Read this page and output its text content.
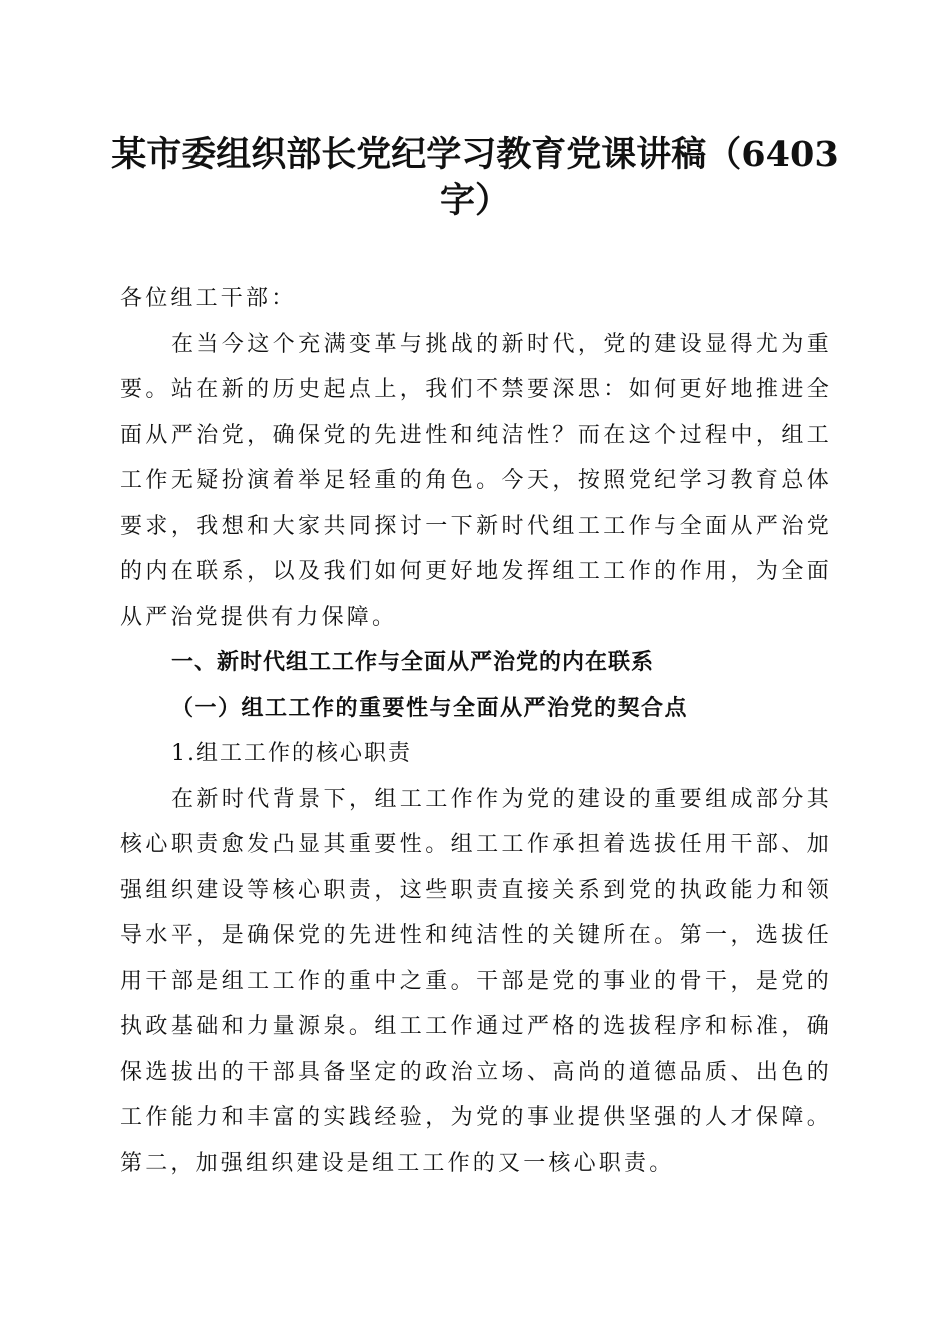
某市委组织部长党纪学习教育党课讲稿（6403字）

各位组工干部：

在当今这个充满变革与挑战的新时代，党的建设显得尤为重要。站在新的历史起点上，我们不禁要深思：如何更好地推进全面从严治党，确保党的先进性和纯洁性？而在这个过程中，组工工作无疑扮演着举足轻重的角色。今天，按照党纪学习教育总体要求，我想和大家共同探讨一下新时代组工工作与全面从严治党的内在联系，以及我们如何更好地发挥组工工作的作用，为全面从严治党提供有力保障。

一、新时代组工工作与全面从严治党的内在联系

（一）组工工作的重要性与全面从严治党的契合点

1.组工工作的核心职责

在新时代背景下，组工工作作为党的建设的重要组成部分其核心职责愈发凸显其重要性。组工工作承担着选拔任用干部、加强组织建设等核心职责，这些职责直接关系到党的执政能力和领导水平，是确保党的先进性和纯洁性的关键所在。第一，选拔任用干部是组工工作的重中之重。干部是党的事业的骨干，是党的执政基础和力量源泉。组工工作通过严格的选拔程序和标准，确保选拔出的干部具备坚定的政治立场、高尚的道德品质、出色的工作能力和丰富的实践经验，为党的事业提供坚强的人才保障。第二，加强组织建设是组工工作的又一核心职责。
